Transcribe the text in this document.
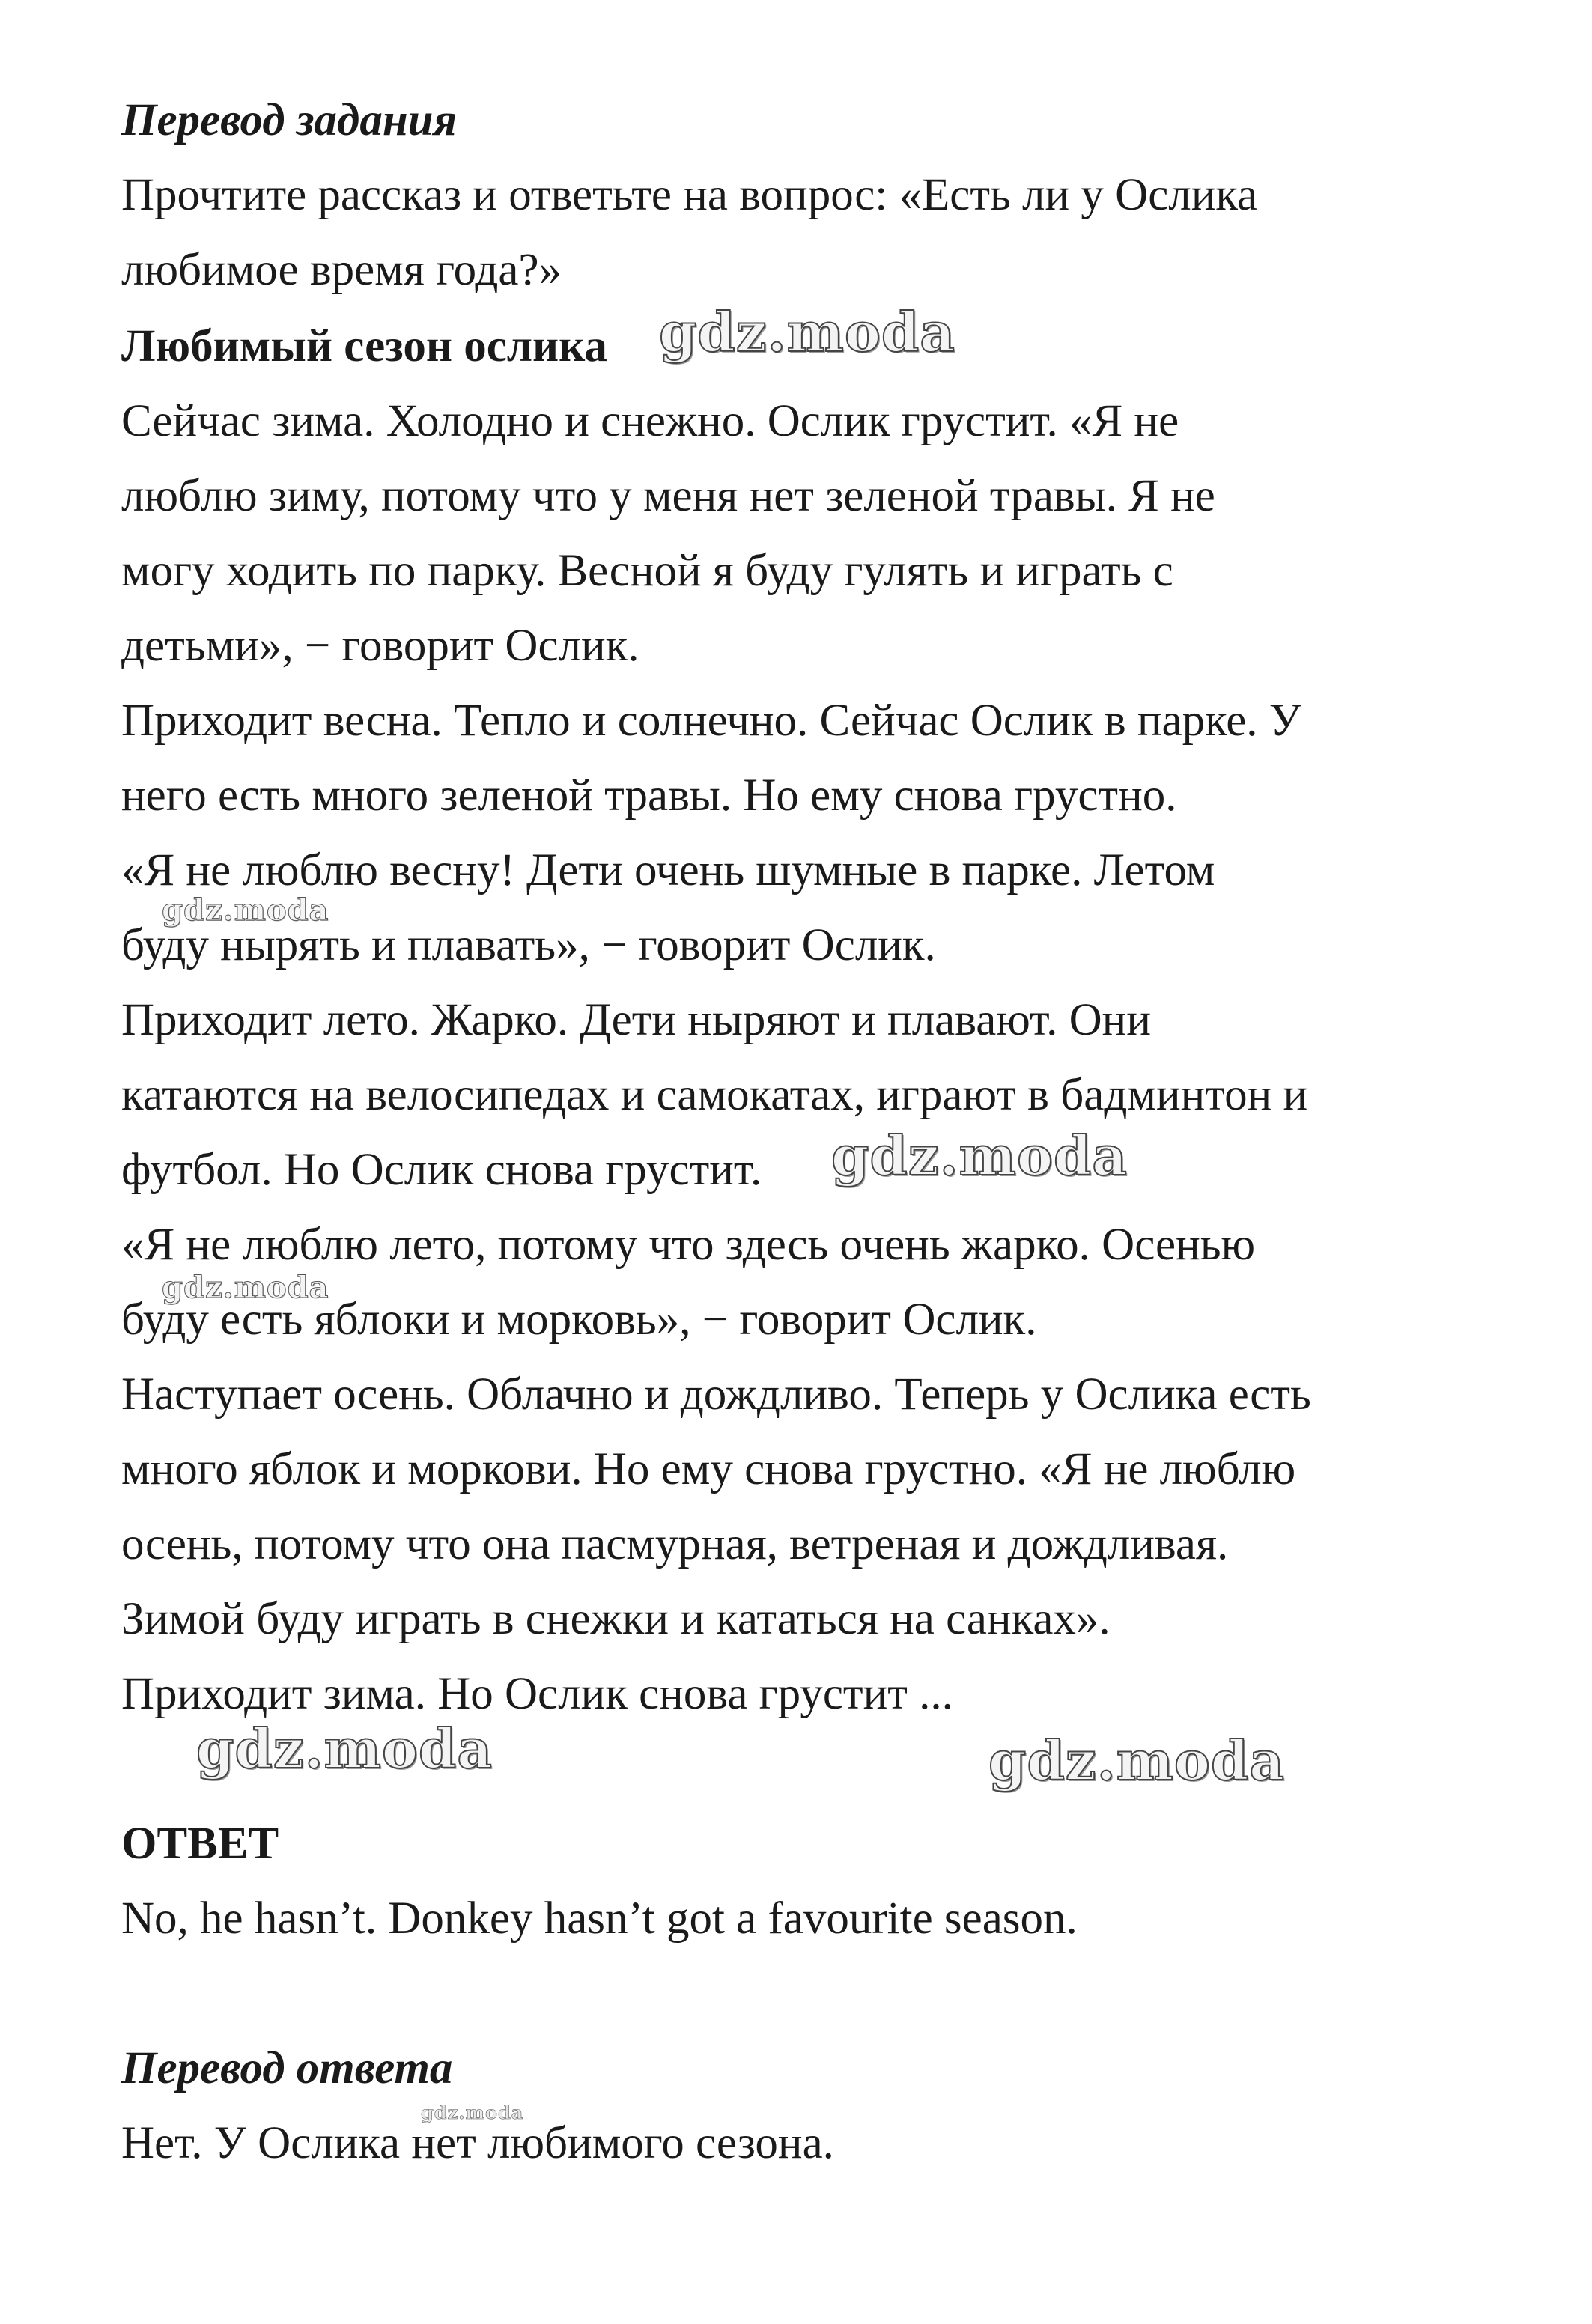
Перевод задания

Прочтите рассказ и ответьте на вопрос: «Есть ли у Ослика

любимое время года?»

Любимый сезон ослика

Сейчас зима. Холодно и снежно. Ослик грустит. «Я не

люблю зиму, потому что у меня нет зеленой травы. Я не

могу ходить по парку. Весной я буду гулять и играть с

детьми», − говорит Ослик.

Приходит весна. Тепло и солнечно. Сейчас Ослик в парке. У

него есть много зеленой травы. Но ему снова грустно.

«Я не люблю весну! Дети очень шумные в парке. Летом

буду нырять и плавать», − говорит Ослик.

Приходит лето. Жарко. Дети ныряют и плавают. Они

катаются на велосипедах и самокатах, играют в бадминтон и

футбол. Но Ослик снова грустит.

«Я не люблю лето, потому что здесь очень жарко. Осенью

буду есть яблоки и морковь», − говорит Ослик.

Наступает осень. Облачно и дождливо. Теперь у Ослика есть

много яблок и моркови. Но ему снова грустно. «Я не люблю

осень, потому что она пасмурная, ветреная и дождливая.

Зимой буду играть в снежки и кататься на санках».

Приходит зима. Но Ослик снова грустит ...

ОТВЕТ

No, he hasn’t. Donkey hasn’t got a favourite season.

Перевод ответа

Нет. У Ослика нет любимого сезона.

gdz.moda
gdz.moda
gdz.moda
gdz.moda
gdz.moda	gdz.moda
gdz.moda
